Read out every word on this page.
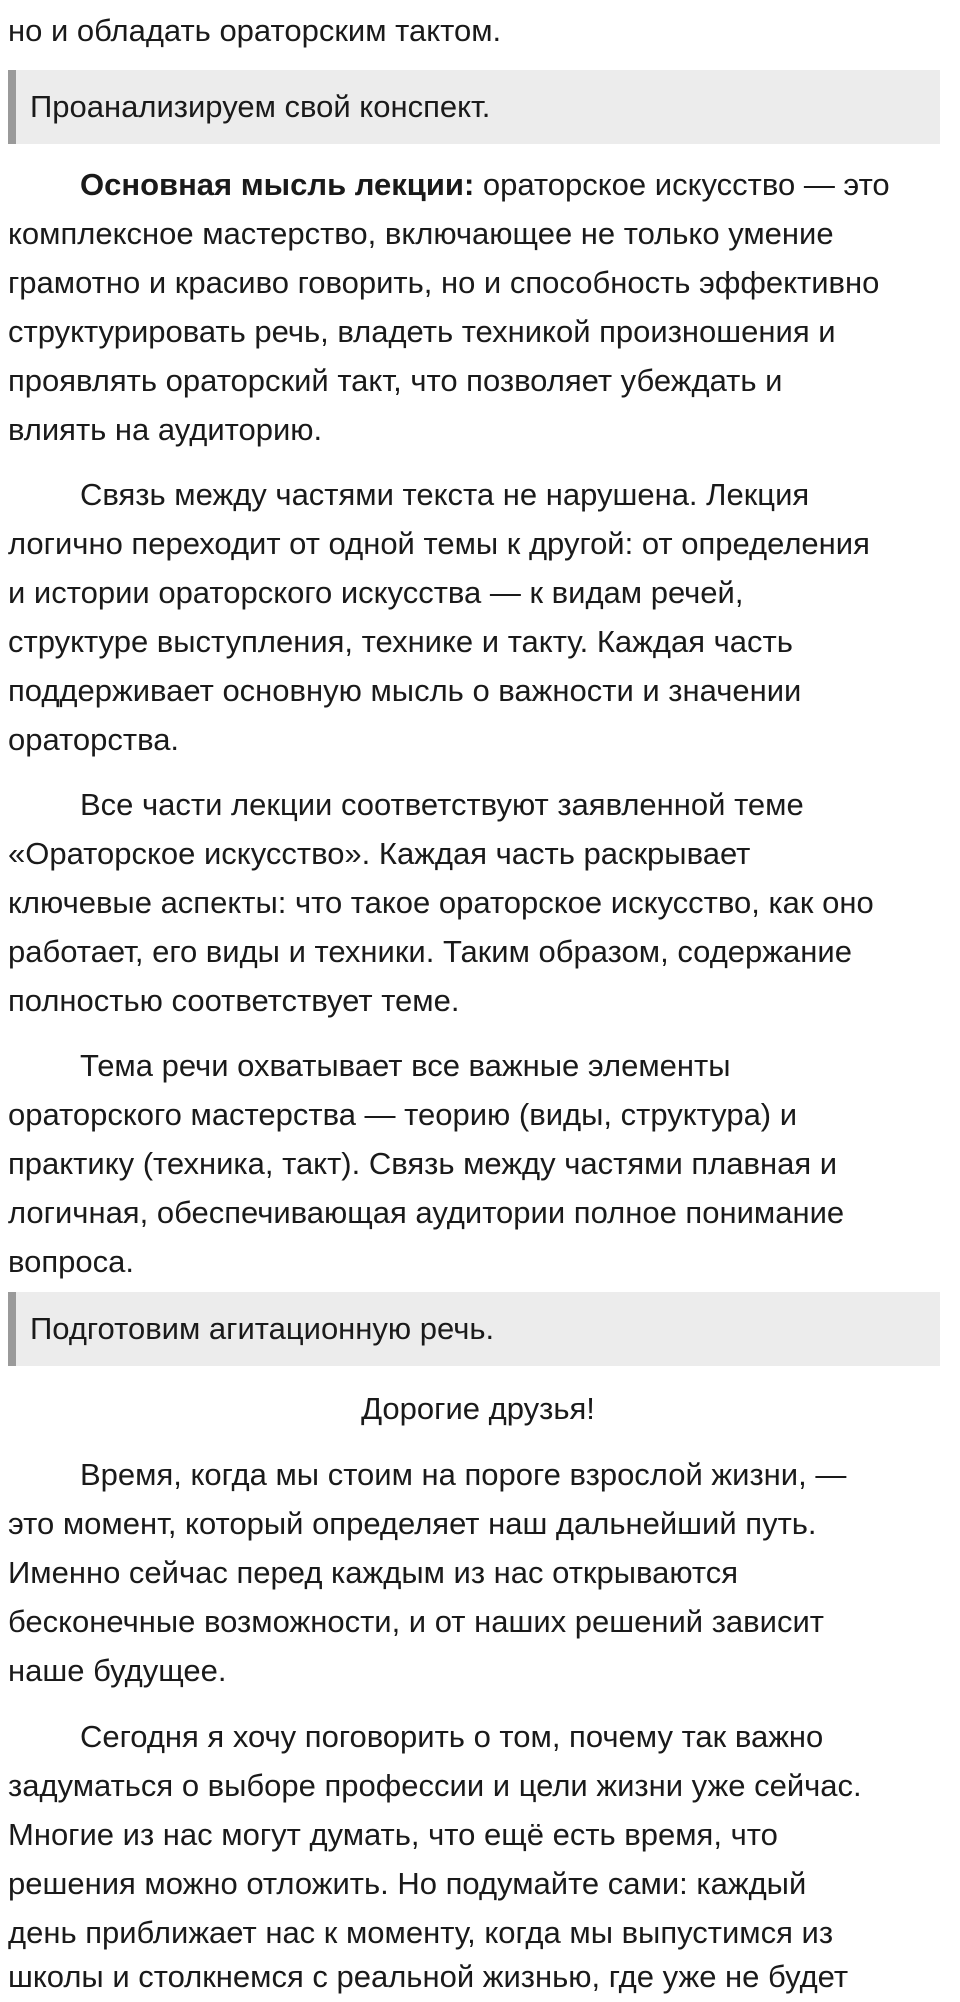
но и обладать ораторским тактом.
Проанализируем свой конспект.
Основная мысль лекции: ораторское искусство — это
комплексное мастерство, включающее не только умение
грамотно и красиво говорить, но и способность эффективно
структурировать речь, владеть техникой произношения и
проявлять ораторский такт, что позволяет убеждать и
влиять на аудиторию.
Связь между частями текста не нарушена. Лекция
логично переходит от одной темы к другой: от определения
и истории ораторского искусства — к видам речей,
структуре выступления, технике и такту. Каждая часть
поддерживает основную мысль о важности и значении
ораторства.
Все части лекции соответствуют заявленной теме
«Ораторское искусство». Каждая часть раскрывает
ключевые аспекты: что такое ораторское искусство, как оно
работает, его виды и техники. Таким образом, содержание
полностью соответствует теме.
Тема речи охватывает все важные элементы
ораторского мастерства — теорию (виды, структура) и
практику (техника, такт). Связь между частями плавная и
логичная, обеспечивающая аудитории полное понимание
вопроса.
Подготовим агитационную речь.
Дорогие друзья!
Время, когда мы стоим на пороге взрослой жизни, —
это момент, который определяет наш дальнейший путь.
Именно сейчас перед каждым из нас открываются
бесконечные возможности, и от наших решений зависит
наше будущее.
Сегодня я хочу поговорить о том, почему так важно
задуматься о выборе профессии и цели жизни уже сейчас.
Многие из нас могут думать, что ещё есть время, что
решения можно отложить. Но подумайте сами: каждый
день приближает нас к моменту, когда мы выпустимся из
школы и столкнемся с реальной жизнью, где уже не будет
